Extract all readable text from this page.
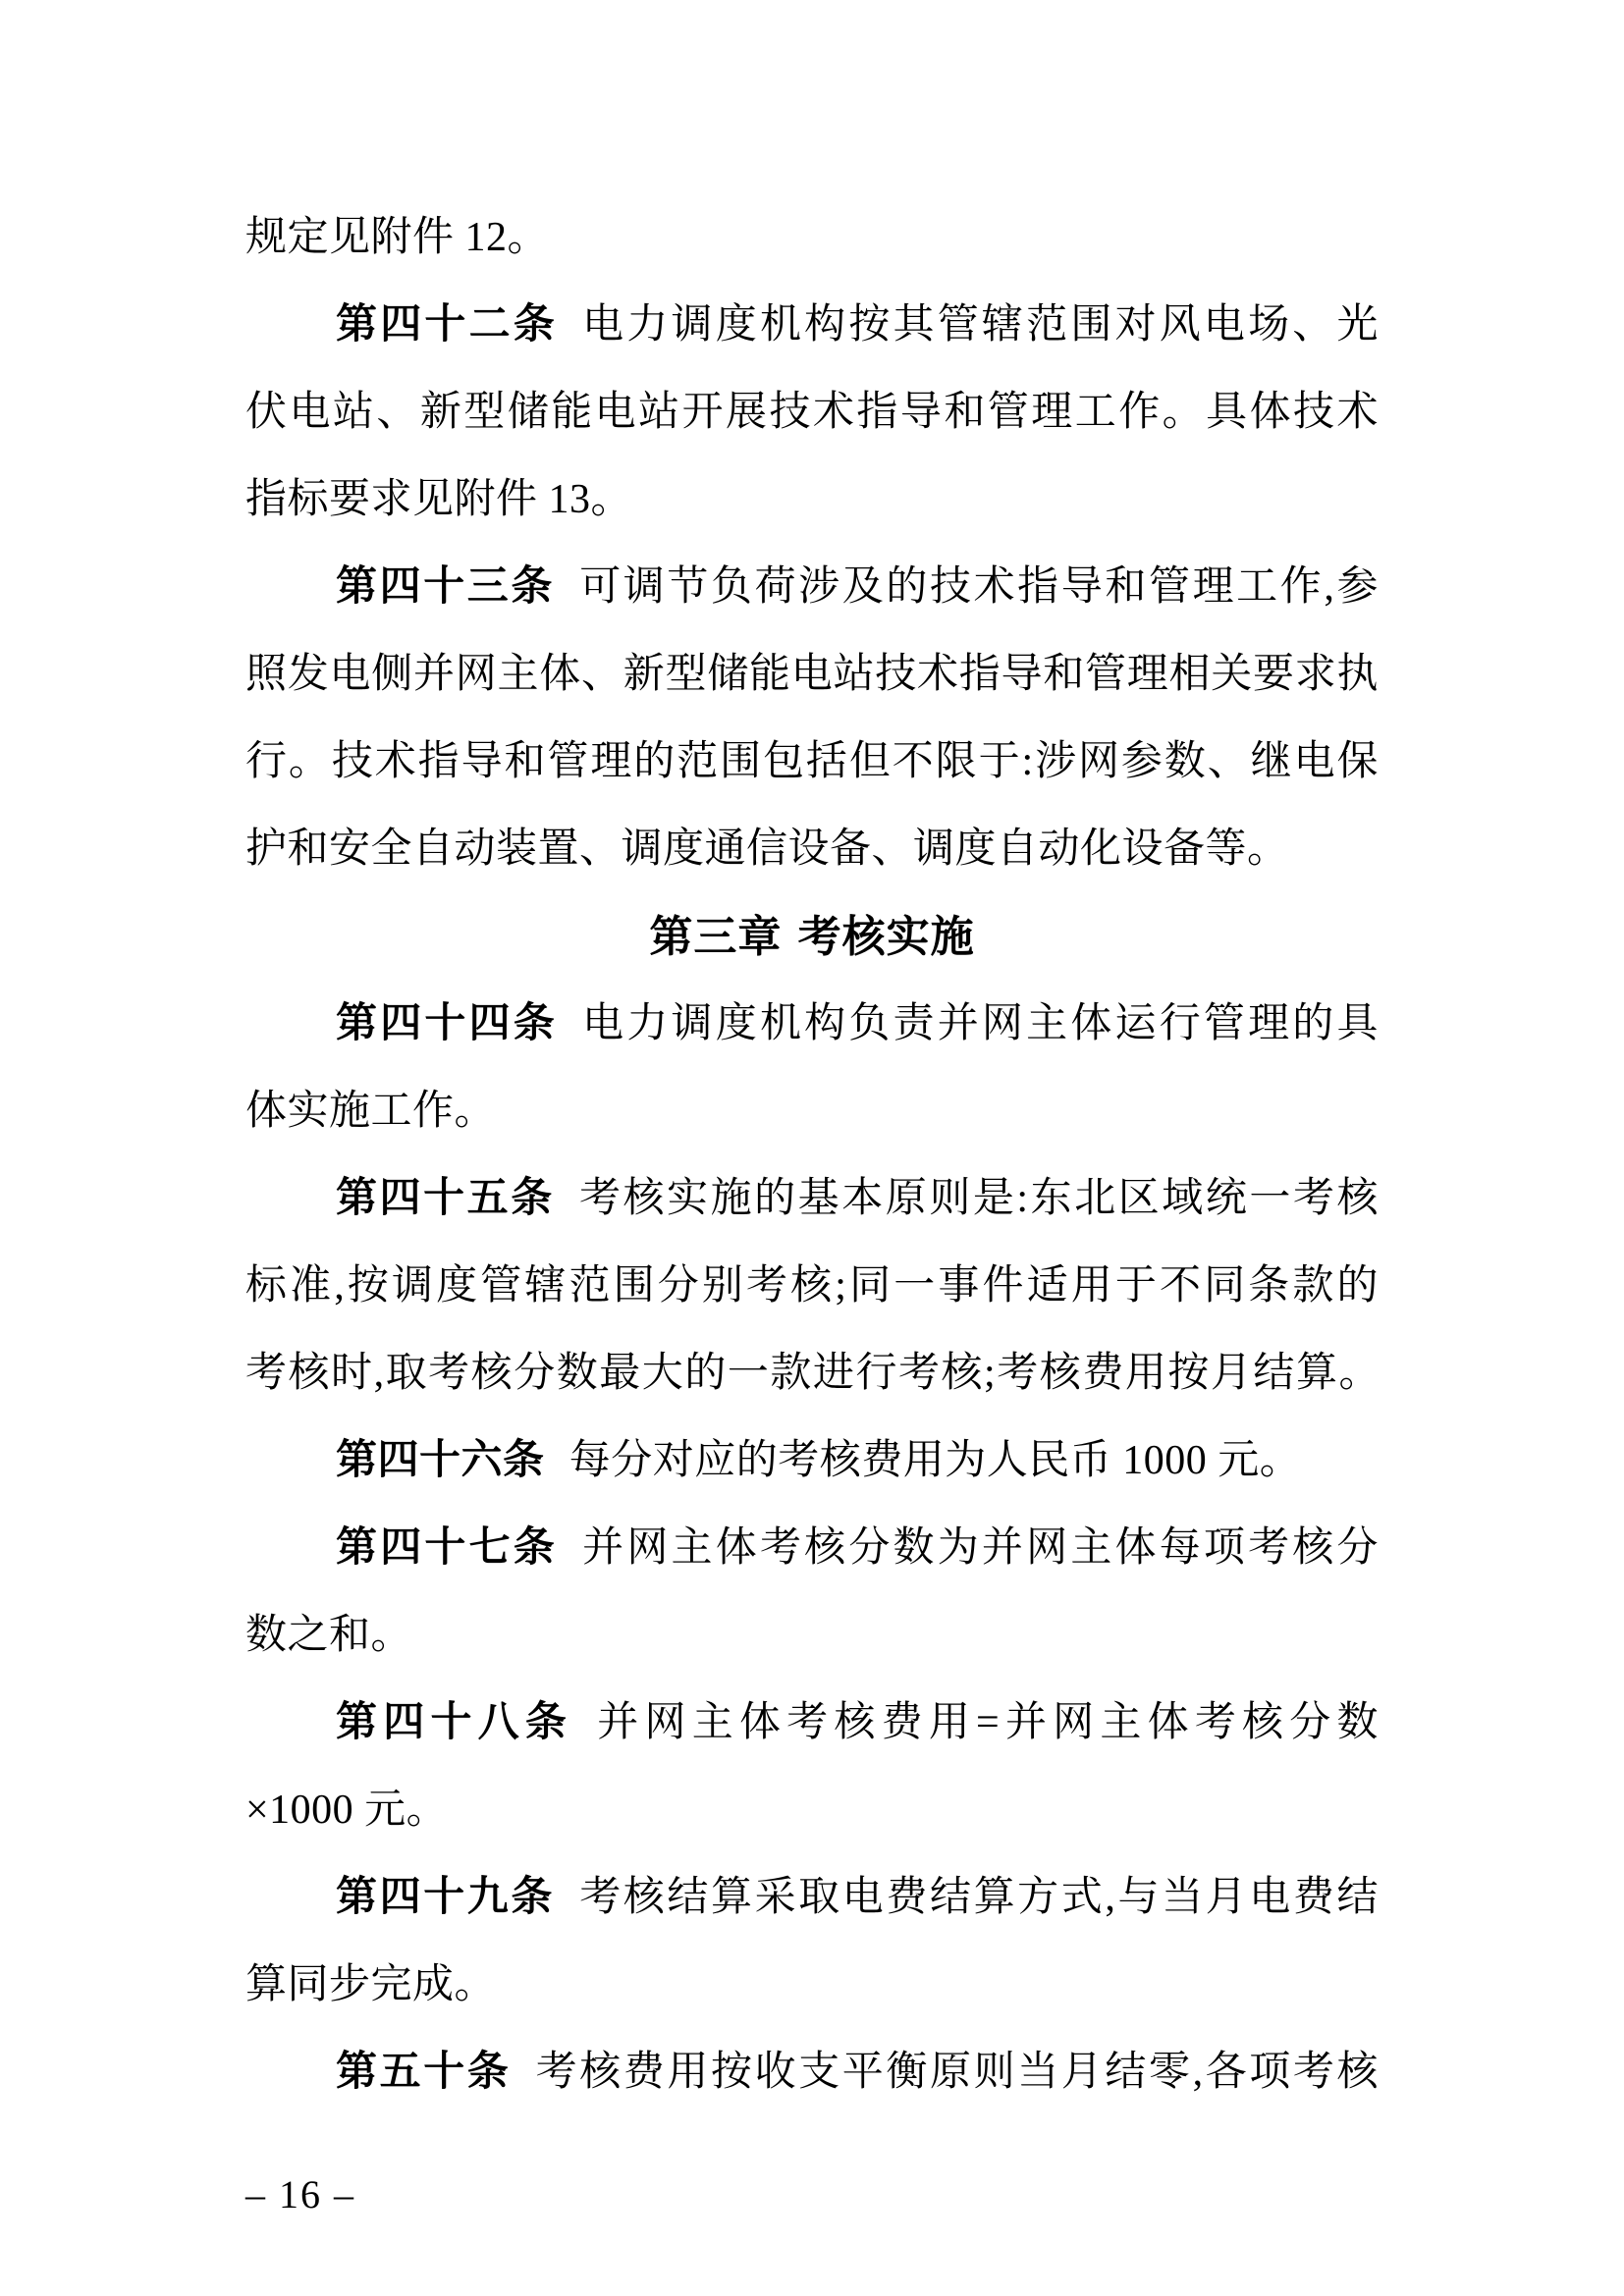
规定见附件 12。
第四十二条 电力调度机构按其管辖范围对风电场、光
伏电站、新型储能电站开展技术指导和管理工作。具体技术
指标要求见附件 13。
第四十三条 可调节负荷涉及的技术指导和管理工作,参
照发电侧并网主体、新型储能电站技术指导和管理相关要求执
行。技术指导和管理的范围包括但不限于:涉网参数、继电保
护和安全自动装置、调度通信设备、调度自动化设备等。
第三章 考核实施
第四十四条 电力调度机构负责并网主体运行管理的具
体实施工作。
第四十五条 考核实施的基本原则是:东北区域统一考核
标准,按调度管辖范围分别考核;同一事件适用于不同条款的
考核时,取考核分数最大的一款进行考核;考核费用按月结算。
第四十六条 每分对应的考核费用为人民币 1000 元。
第四十七条 并网主体考核分数为并网主体每项考核分
数之和。
第四十八条 并网主体考核费用=并网主体考核分数
×1000 元。
第四十九条 考核结算采取电费结算方式,与当月电费结
算同步完成。
第五十条 考核费用按收支平衡原则当月结零,各项考核
– 16 –
